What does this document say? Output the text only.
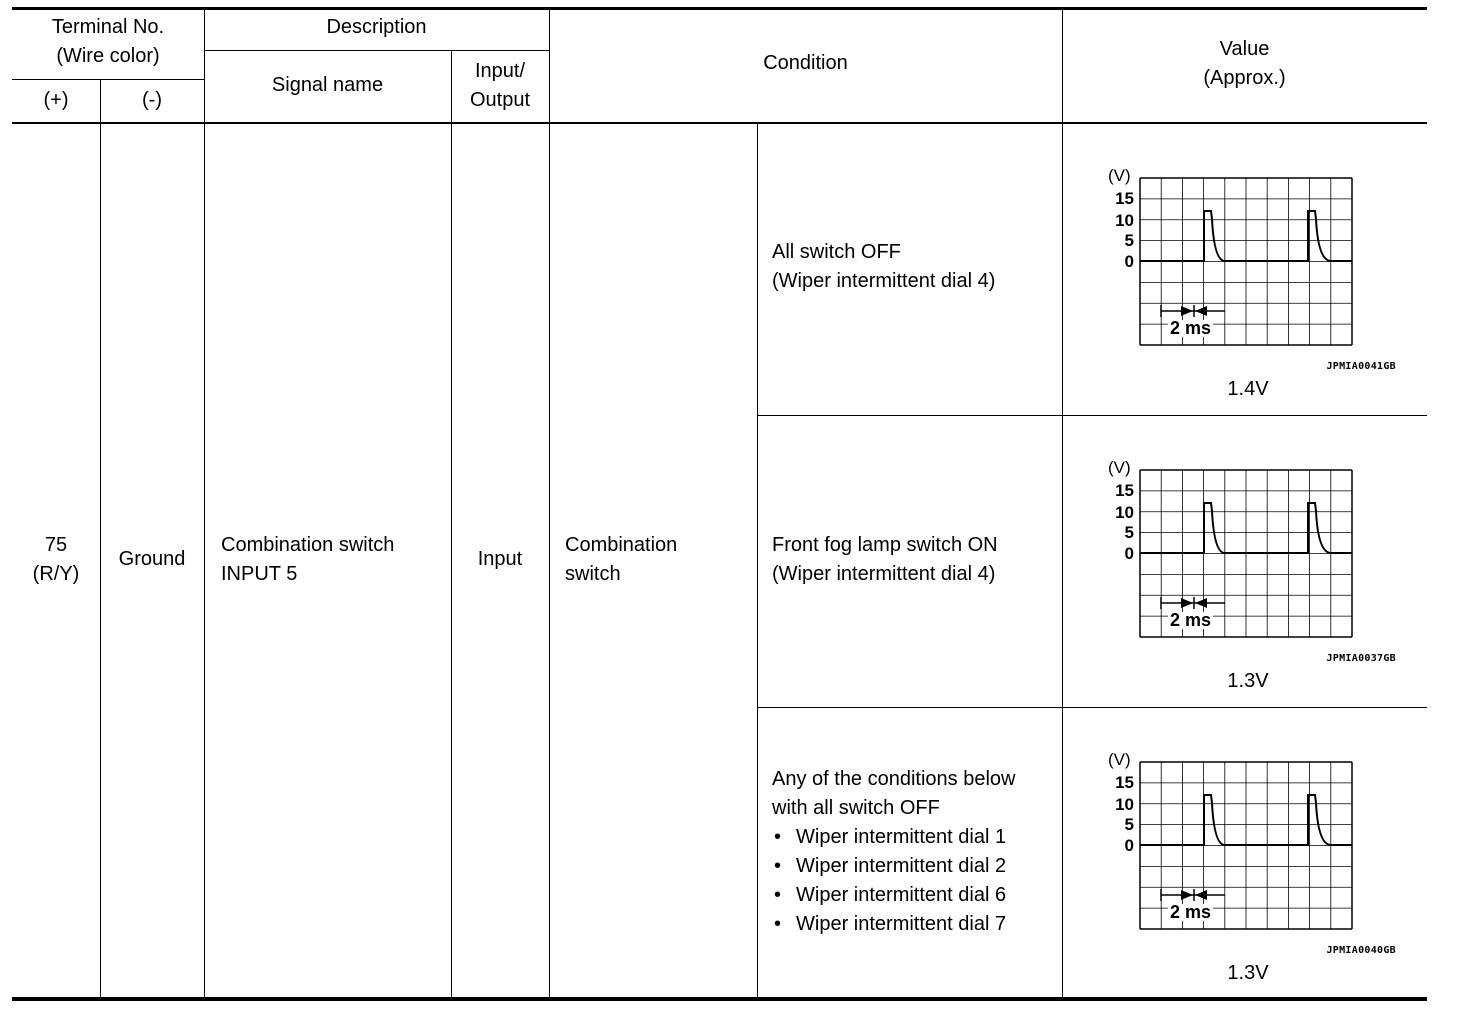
Terminal No.
(Wire color)
(+)	(-)
Description
Signal name
Input/
Output
Condition
Value
(Approx.)
75
(R/Y)
Ground
Combination switch
INPUT 5
Input
Combination
switch
All switch OFF
(Wiper intermittent dial 4)
Front fog lamp switch ON
(Wiper intermittent dial 4)
Any of the conditions below
with all switch OFF
• Wiper intermittent dial 1
• Wiper intermittent dial 2
• Wiper intermittent dial 6
• Wiper intermittent dial 7
(V)
15
10
5
0
2 ms
JPMIA0041GB
1.4V
(V)
15
10
5
0
2 ms
JPMIA0037GB
1.3V
(V)
15
10
5
0
2 ms
JPMIA0040GB
1.3V
